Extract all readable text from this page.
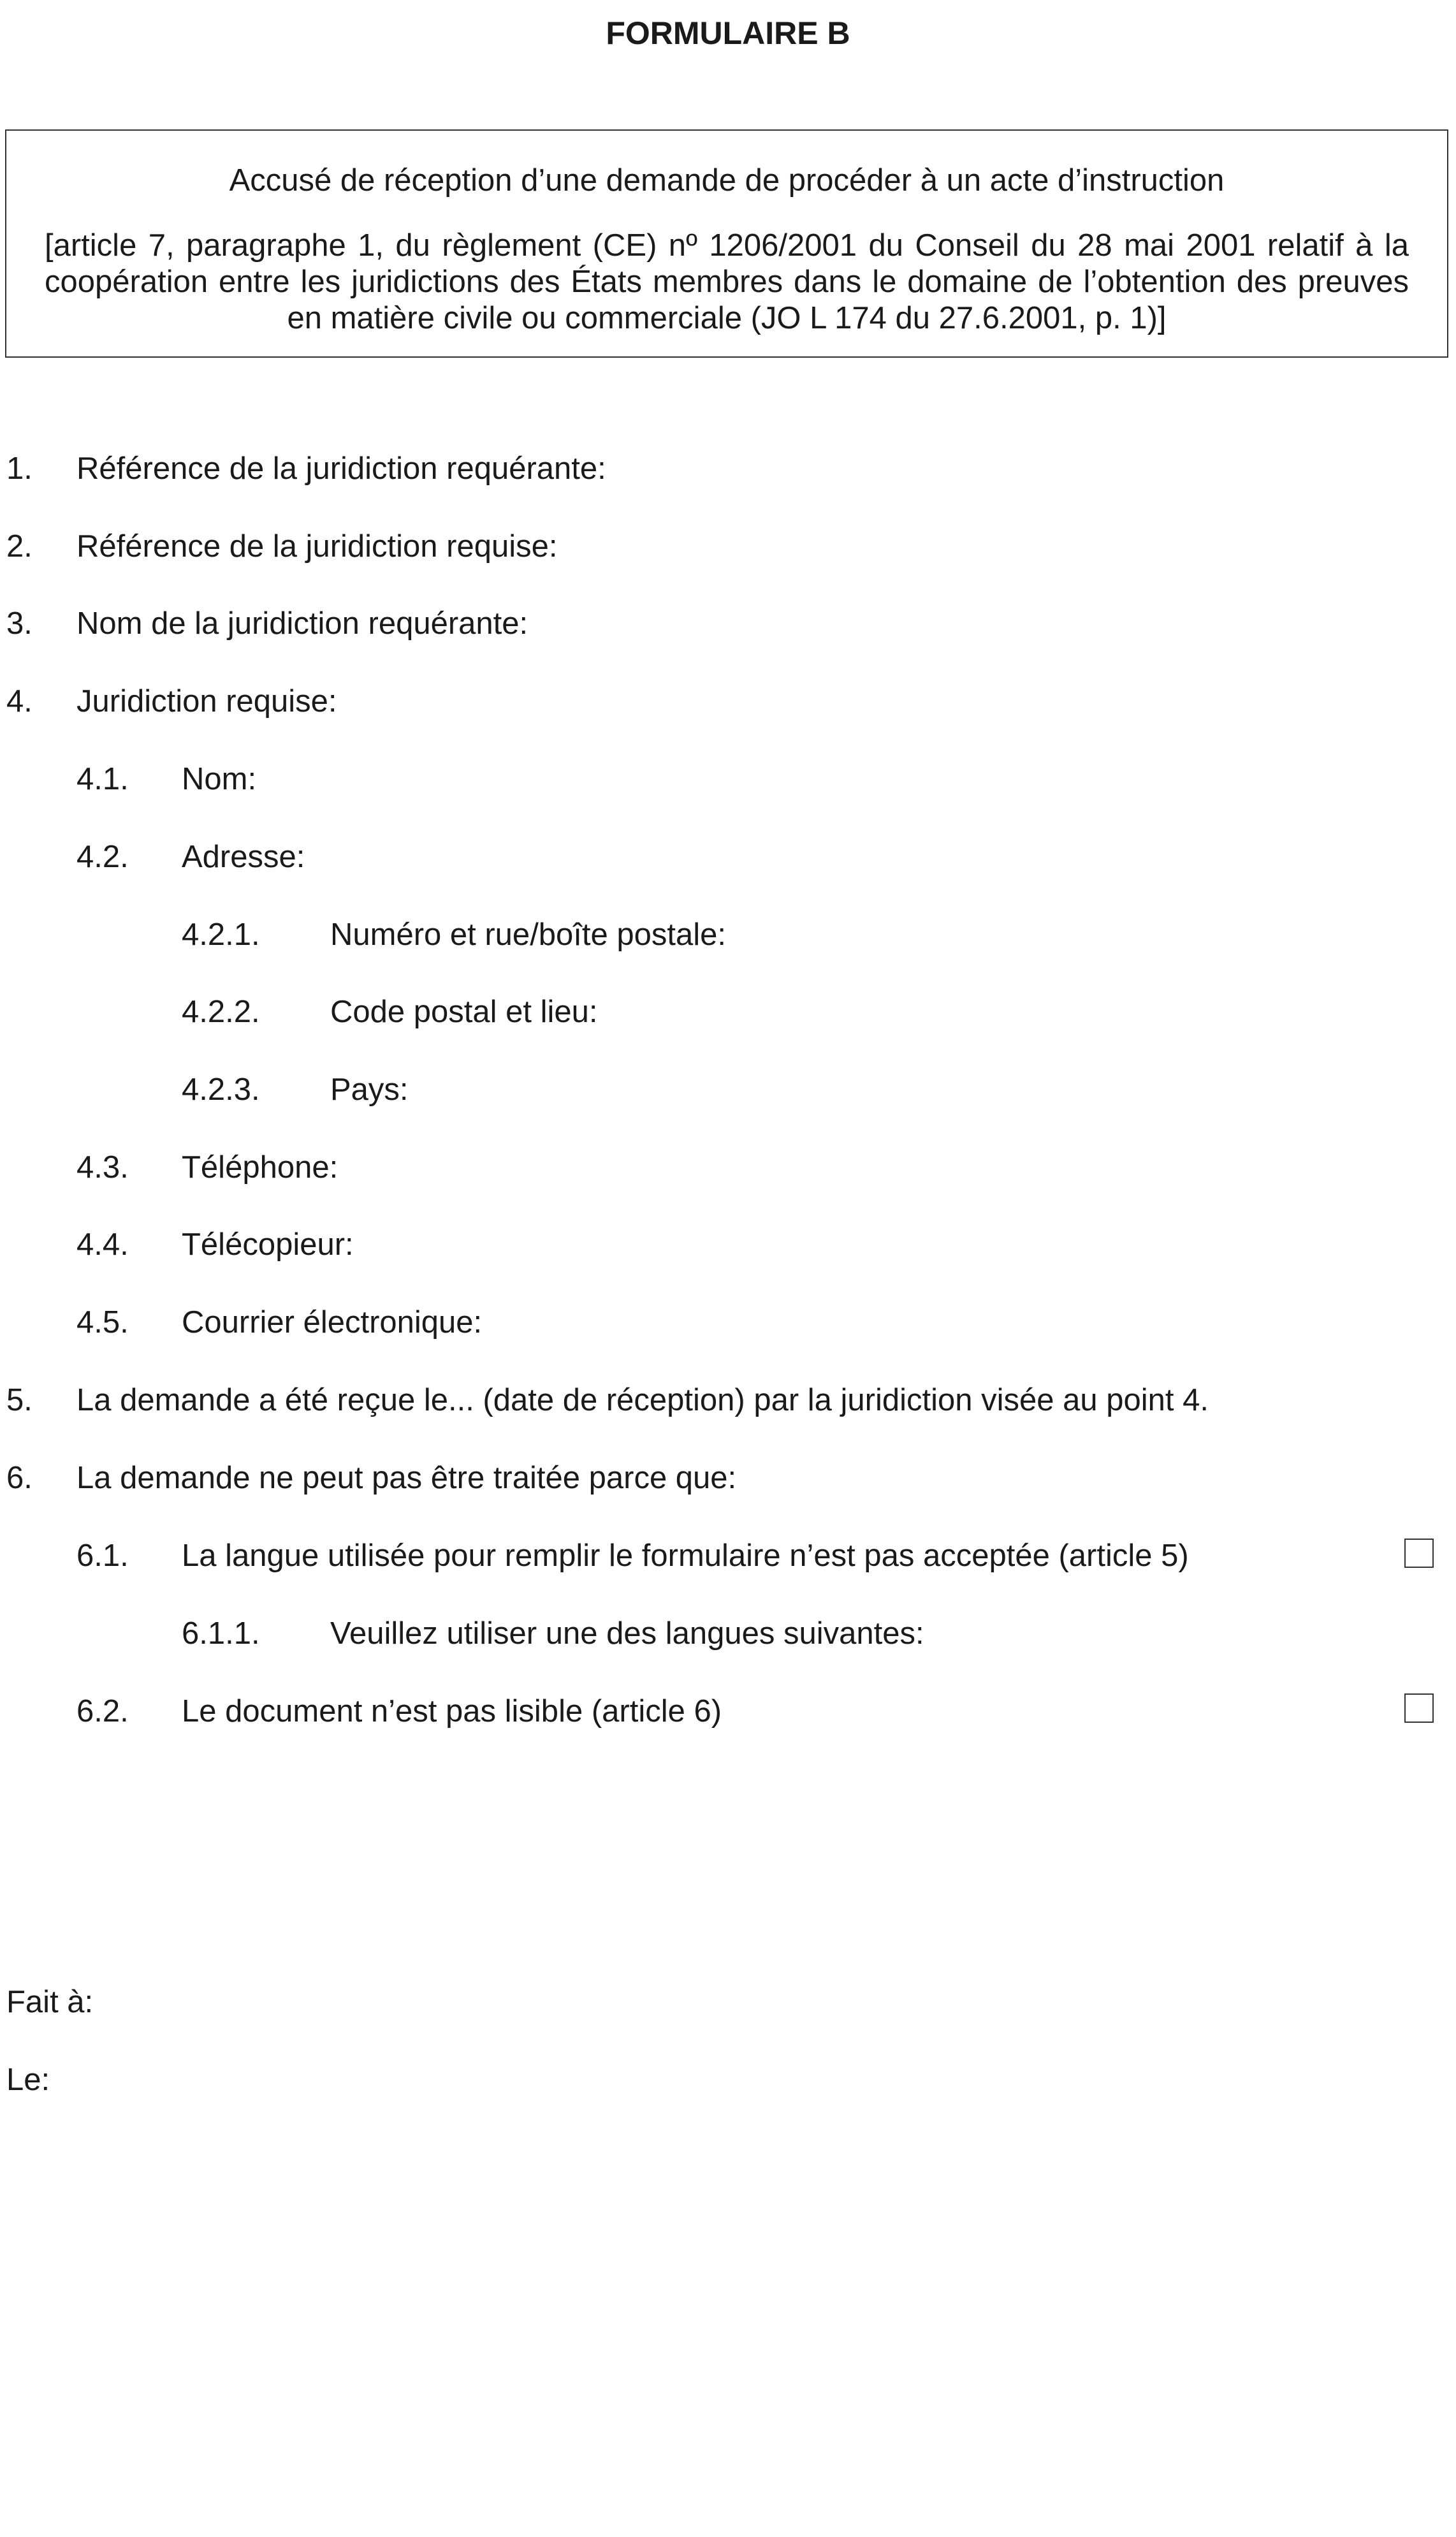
FORMULAIRE B
Accusé de réception d’une demande de procéder à un acte d’instruction
[article 7, paragraphe 1, du règlement (CE) nº 1206/2001 du Conseil du 28 mai 2001 relatif à la coopération entre les juridictions des États membres dans le domaine de l’obtention des preuves en matière civile ou commerciale (JO L 174 du 27.6.2001, p. 1)]
1. Référence de la juridiction requérante:
2. Référence de la juridiction requise:
3. Nom de la juridiction requérante:
4. Juridiction requise:
4.1. Nom:
4.2. Adresse:
4.2.1. Numéro et rue/boîte postale:
4.2.2. Code postal et lieu:
4.2.3. Pays:
4.3. Téléphone:
4.4. Télécopieur:
4.5. Courrier électronique:
5. La demande a été reçue le... (date de réception) par la juridiction visée au point 4.
6. La demande ne peut pas être traitée parce que:
6.1. La langue utilisée pour remplir le formulaire n’est pas acceptée (article 5)
6.1.1. Veuillez utiliser une des langues suivantes:
6.2. Le document n’est pas lisible (article 6)
Fait à:
Le:
